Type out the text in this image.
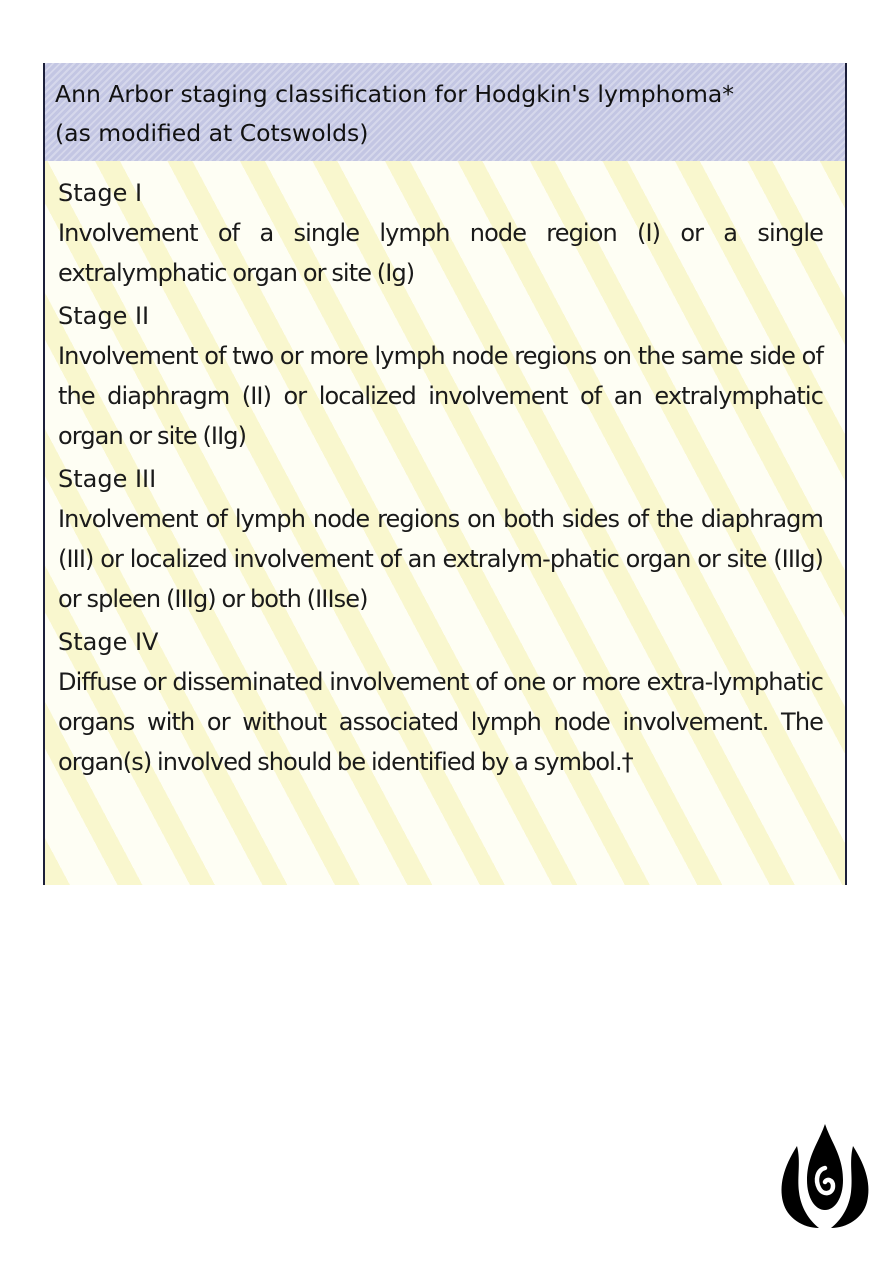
Ann Arbor staging classification for Hodgkin's lymphoma*
(as modified at Cotswolds)
Stage I
Involvement of a single lymph node region (I) or a single extralymphatic organ or site (Ig)
Stage II
Involvement of two or more lymph node regions on the same side of the diaphragm (II) or localized involvement of an extralymphatic organ or site (IIg)
Stage III
Involvement of lymph node regions on both sides of the diaphragm (III) or localized involvement of an extralym-phatic organ or site (IIIg) or spleen (IIIg) or both (IIIse)
Stage IV
Diffuse or disseminated involvement of one or more extra-lymphatic organs with or without associated lymph node involvement. The organ(s) involved should be identified by a symbol.†
